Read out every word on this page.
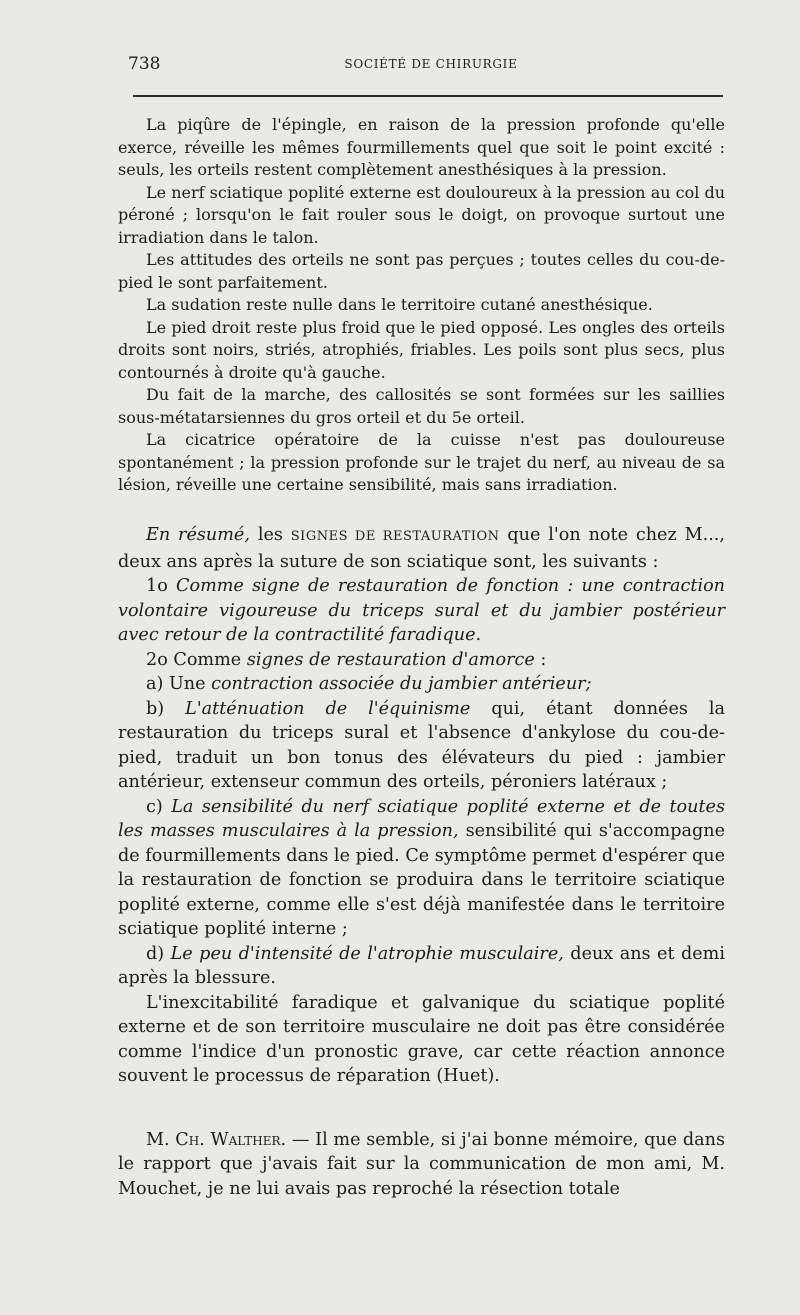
738	SOCIÉTÉ DE CHIRURGIE

La piqûre de l'épingle, en raison de la pression profonde qu'elle exerce, réveille les mêmes fourmillements quel que soit le point excité : seuls, les orteils restent complètement anesthésiques à la pression.

Le nerf sciatique poplité externe est douloureux à la pression au col du péroné ; lorsqu'on le fait rouler sous le doigt, on provoque surtout une irradiation dans le talon.

Les attitudes des orteils ne sont pas perçues ; toutes celles du cou-de-pied le sont parfaitement.

La sudation reste nulle dans le territoire cutané anesthésique.

Le pied droit reste plus froid que le pied opposé. Les ongles des orteils droits sont noirs, striés, atrophiés, friables. Les poils sont plus secs, plus contournés à droite qu'à gauche.

Du fait de la marche, des callosités se sont formées sur les saillies sous-métatarsiennes du gros orteil et du 5e orteil.

La cicatrice opératoire de la cuisse n'est pas douloureuse spontanément ; la pression profonde sur le trajet du nerf, au niveau de sa lésion, réveille une certaine sensibilité, mais sans irradiation.

En résumé, les SIGNES DE RESTAURATION que l'on note chez M..., deux ans après la suture de son sciatique sont, les suivants :

1o Comme signe de restauration de fonction : une contraction volontaire vigoureuse du triceps sural et du jambier postérieur avec retour de la contractilité faradique.

2o Comme signes de restauration d'amorce :

a) Une contraction associée du jambier antérieur;

b) L'atténuation de l'équinisme qui, étant données la restauration du triceps sural et l'absence d'ankylose du cou-de-pied, traduit un bon tonus des élévateurs du pied : jambier antérieur, extenseur commun des orteils, péroniers latéraux ;

c) La sensibilité du nerf sciatique poplité externe et de toutes les masses musculaires à la pression, sensibilité qui s'accompagne de fourmillements dans le pied. Ce symptôme permet d'espérer que la restauration de fonction se produira dans le territoire sciatique poplité externe, comme elle s'est déjà manifestée dans le territoire sciatique poplité interne ;

d) Le peu d'intensité de l'atrophie musculaire, deux ans et demi après la blessure.

L'inexcitabilité faradique et galvanique du sciatique poplité externe et de son territoire musculaire ne doit pas être considérée comme l'indice d'un pronostic grave, car cette réaction annonce souvent le processus de réparation (Huet).

M. Ch. Walther. — Il me semble, si j'ai bonne mémoire, que dans le rapport que j'avais fait sur la communication de mon ami, M. Mouchet, je ne lui avais pas reproché la résection totale
